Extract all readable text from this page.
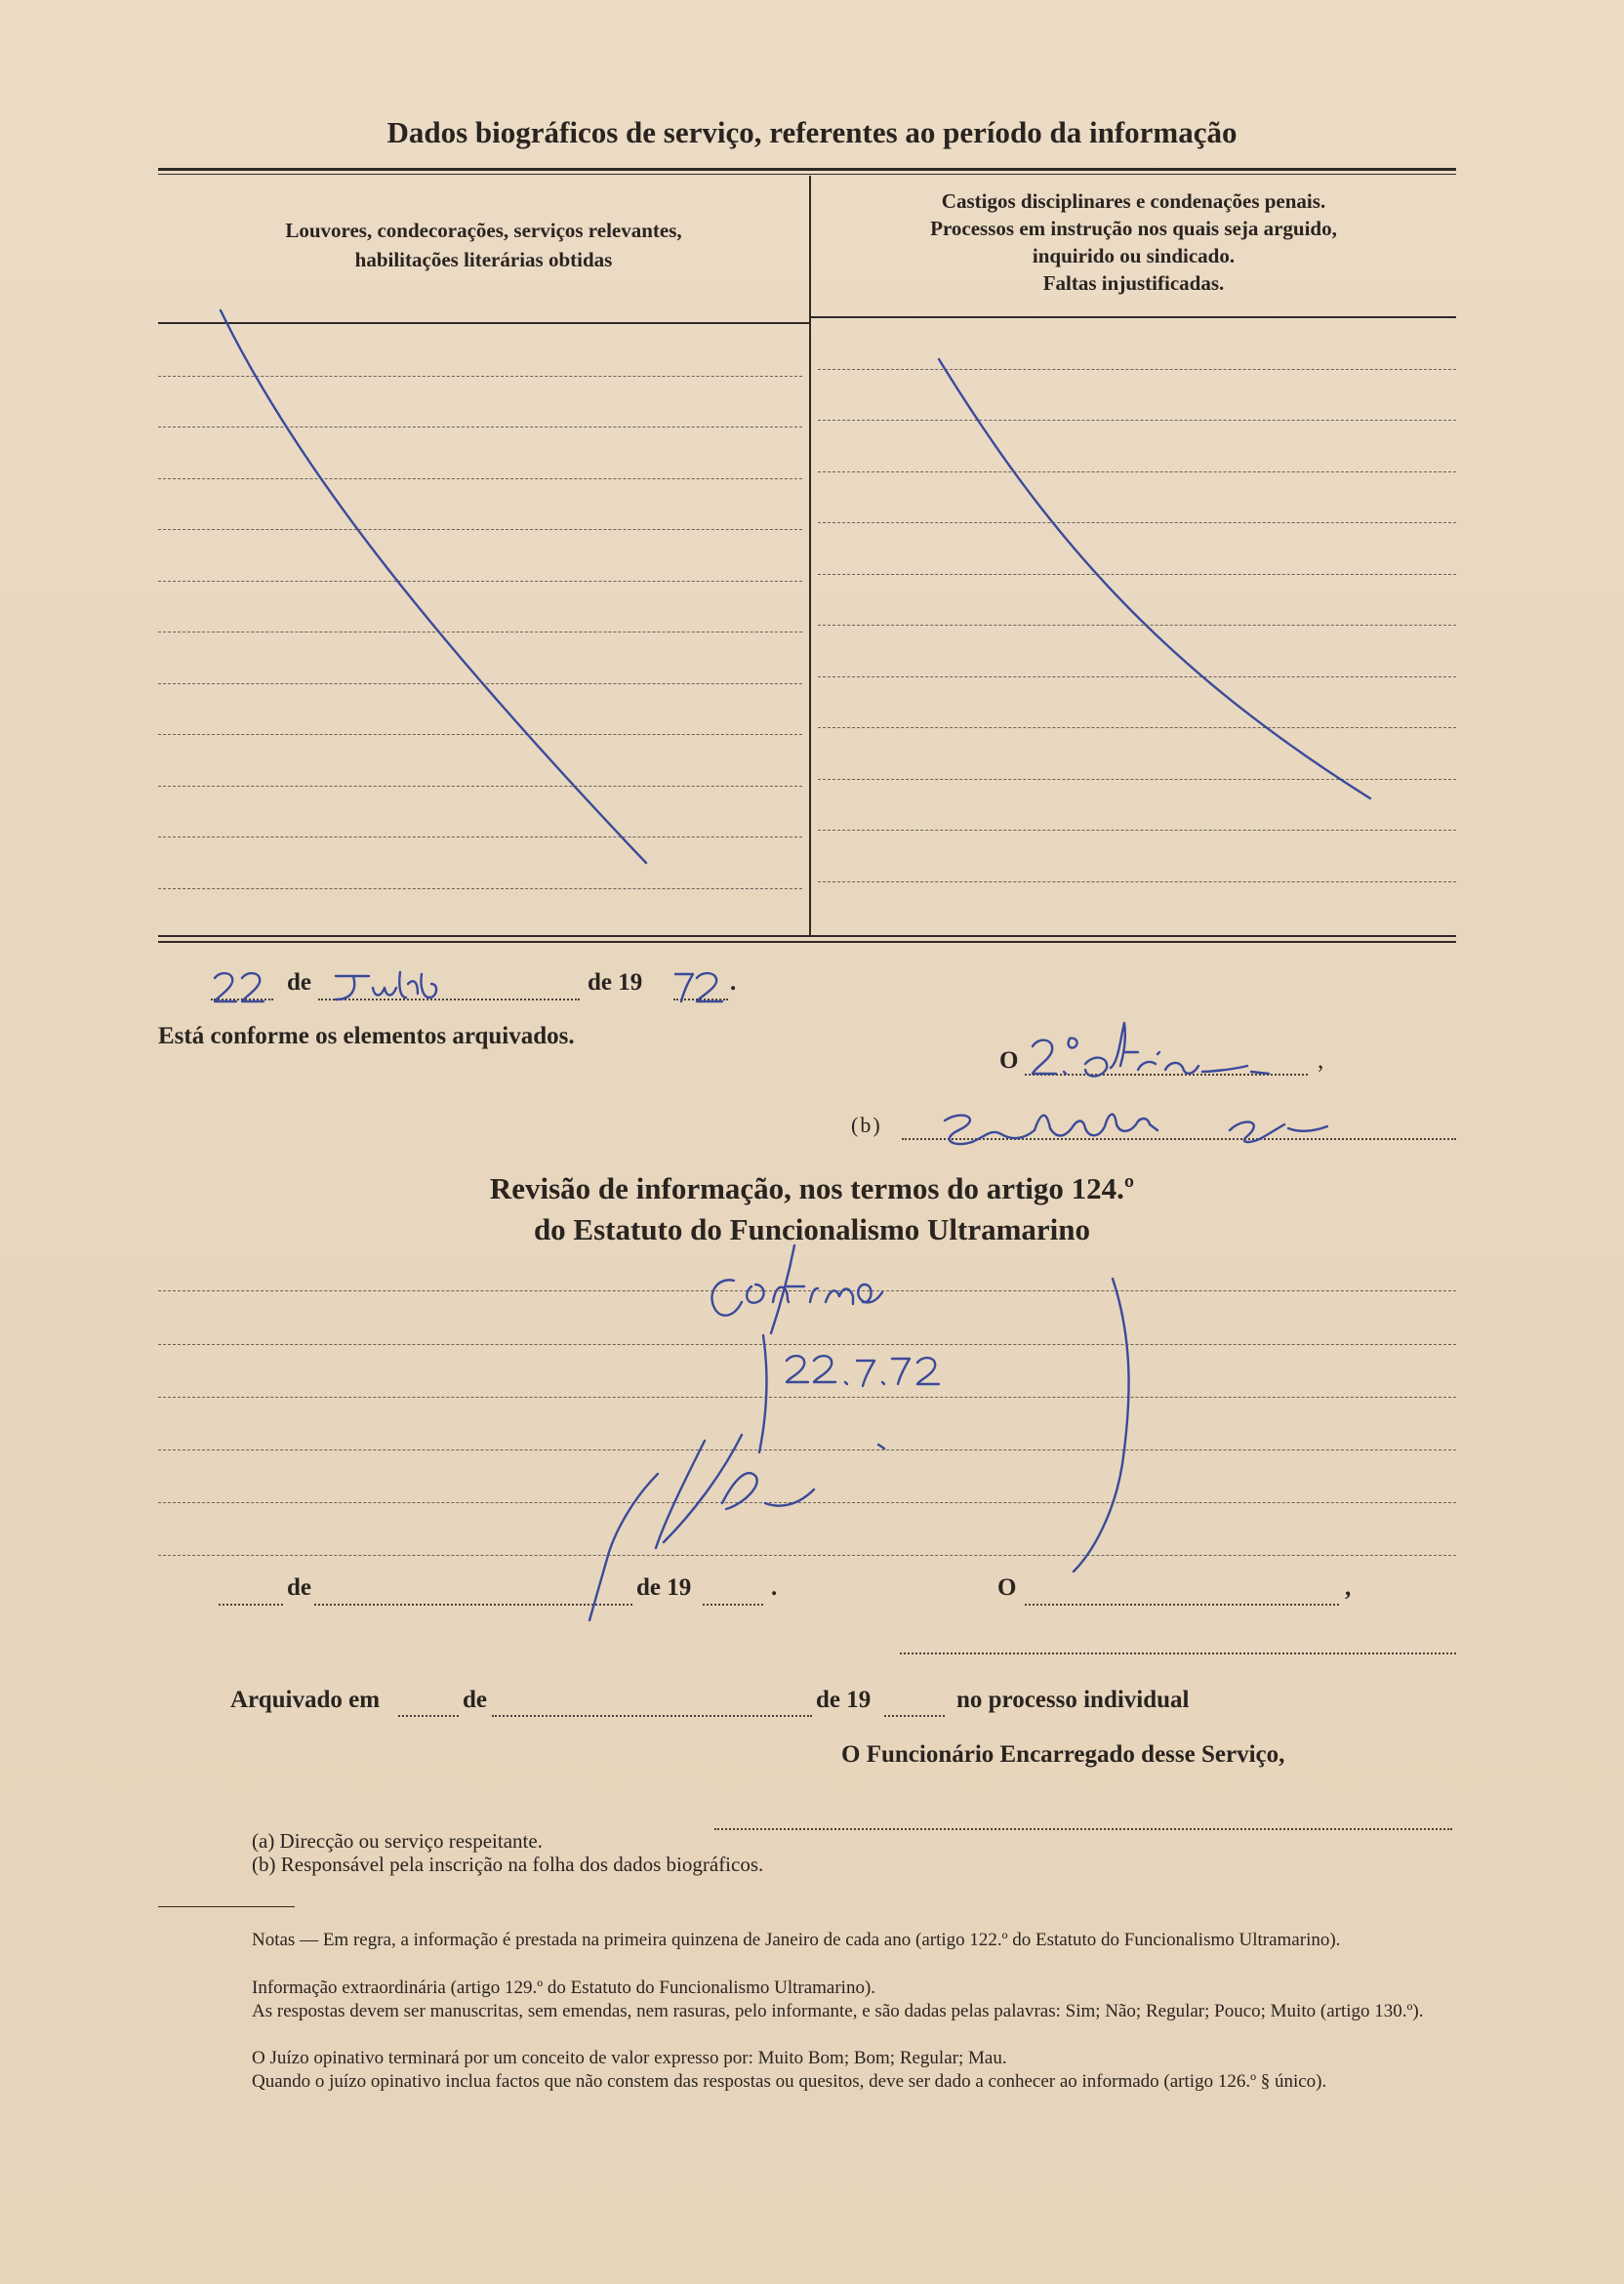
Dados biográficos de serviço, referentes ao período da informação
Louvores, condecorações, serviços relevantes,
habilitações literárias obtidas
Castigos disciplinares e condenações penais.
Processos em instrução nos quais seja arguido,
inquirido ou sindicado.
Faltas injustificadas.
de	de 19	.
Está conforme os elementos arquivados.
O	,
(b)
Revisão de informação, nos termos do artigo 124.º
do Estatuto do Funcionalismo Ultramarino
de	de 19	.	O	,
Arquivado em	de	de 19	no processo individual
O Funcionário Encarregado desse Serviço,
(a) Direcção ou serviço respeitante.
(b) Responsável pela inscrição na folha dos dados biográficos.
Notas — Em regra, a informação é prestada na primeira quinzena de Janeiro de cada ano (artigo 122.º do Estatuto do Funcionalismo Ultramarino).
Informação extraordinária (artigo 129.º do Estatuto do Funcionalismo Ultramarino).
As respostas devem ser manuscritas, sem emendas, nem rasuras, pelo informante, e são dadas pelas palavras: Sim; Não; Regular; Pouco; Muito (artigo 130.º).
O Juízo opinativo terminará por um conceito de valor expresso por: Muito Bom; Bom; Regular; Mau.
Quando o juízo opinativo inclua factos que não constem das respostas ou quesitos, deve ser dado a conhecer ao informado (artigo 126.º § único).
